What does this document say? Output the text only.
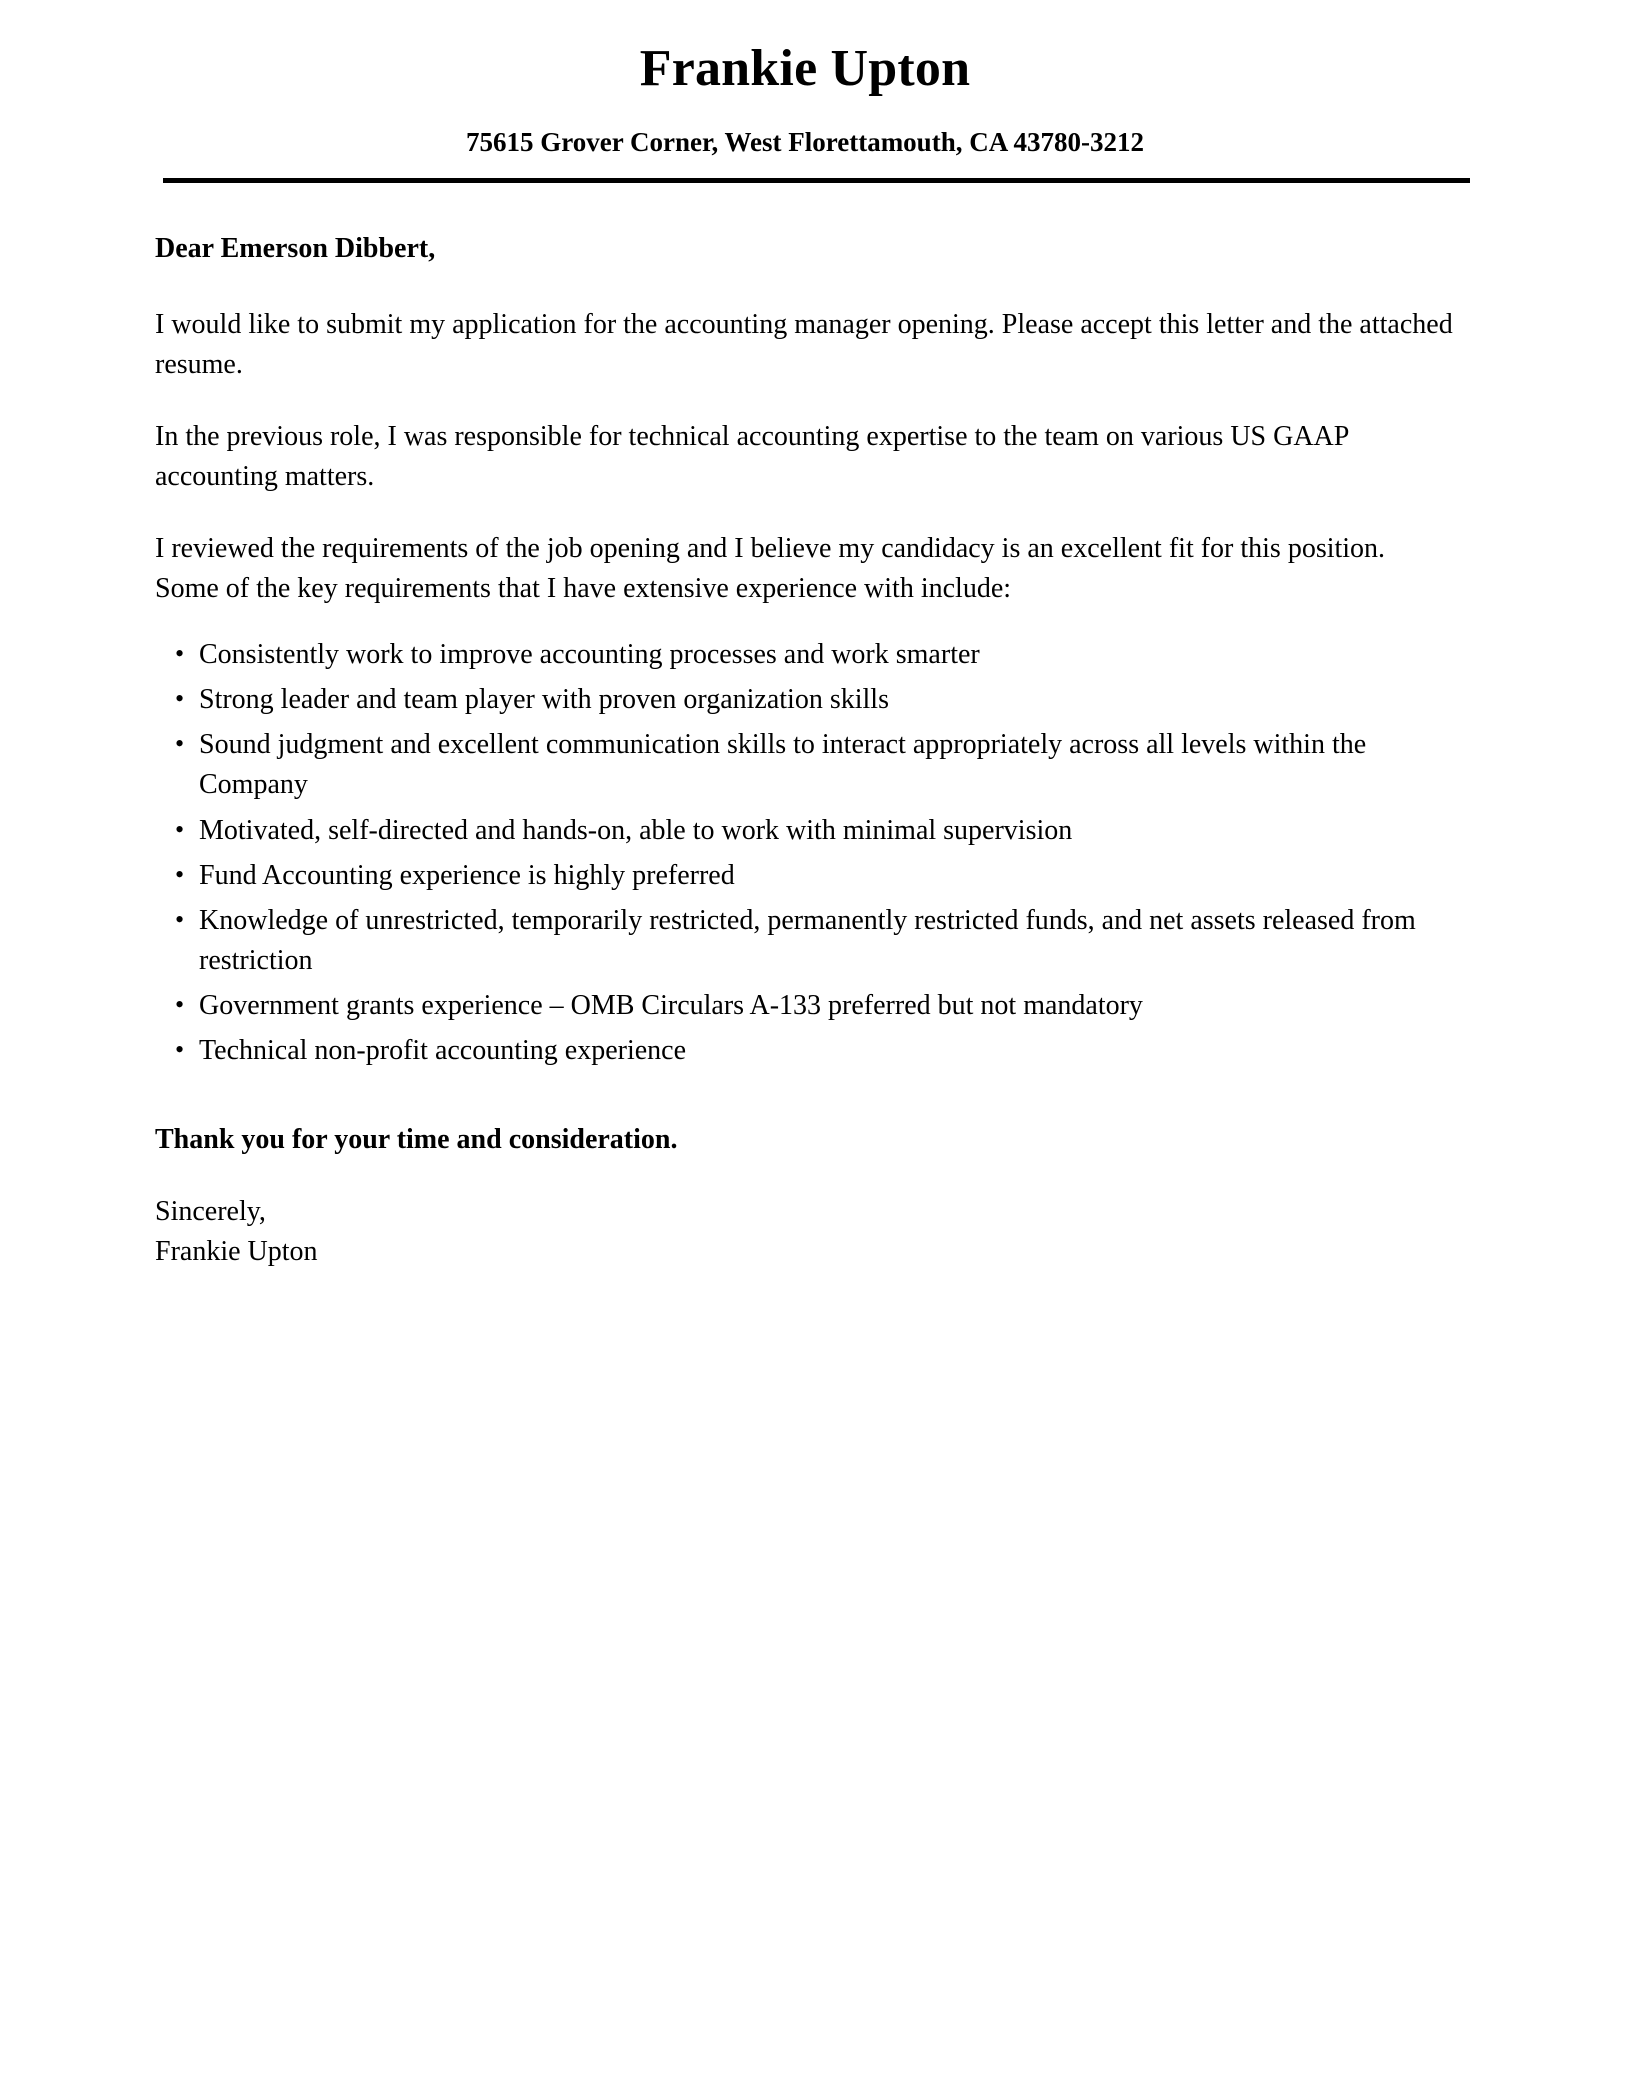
Frankie Upton
75615 Grover Corner, West Florettamouth, CA 43780-3212
Dear Emerson Dibbert,

I would like to submit my application for the accounting manager opening. Please accept this letter and the attached resume.

In the previous role, I was responsible for technical accounting expertise to the team on various US GAAP accounting matters.

I reviewed the requirements of the job opening and I believe my candidacy is an excellent fit for this position. Some of the key requirements that I have extensive experience with include:

• Consistently work to improve accounting processes and work smarter
• Strong leader and team player with proven organization skills
• Sound judgment and excellent communication skills to interact appropriately across all levels within the Company
• Motivated, self-directed and hands-on, able to work with minimal supervision
• Fund Accounting experience is highly preferred
• Knowledge of unrestricted, temporarily restricted, permanently restricted funds, and net assets released from restriction
• Government grants experience – OMB Circulars A-133 preferred but not mandatory
• Technical non-profit accounting experience
Thank you for your time and consideration.
Sincerely,
Frankie Upton
